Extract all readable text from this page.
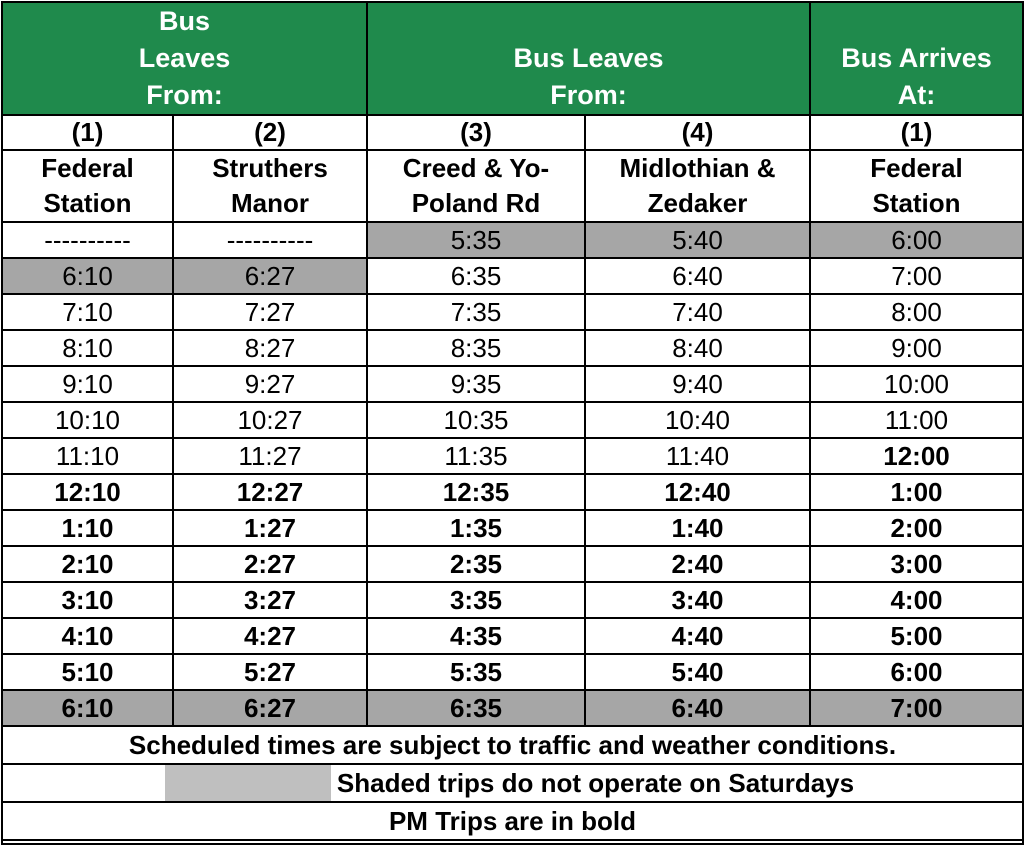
Bus Leaves From:		Bus Leaves From:		Bus Arrives At:
(1)	(2)	(3)	(4)	(1)
Federal Station	Struthers Manor	Creed & Yo-Poland Rd	Midlothian & Zedaker	Federal Station
----------	----------	5:35	5:40	6:00
6:10	6:27	6:35	6:40	7:00
7:10	7:27	7:35	7:40	8:00
8:10	8:27	8:35	8:40	9:00
9:10	9:27	9:35	9:40	10:00
10:10	10:27	10:35	10:40	11:00
11:10	11:27	11:35	11:40	12:00
12:10	12:27	12:35	12:40	1:00
1:10	1:27	1:35	1:40	2:00
2:10	2:27	2:35	2:40	3:00
3:10	3:27	3:35	3:40	4:00
4:10	4:27	4:35	4:40	5:00
5:10	5:27	5:35	5:40	6:00
6:10	6:27	6:35	6:40	7:00
Scheduled times are subject to traffic and weather conditions.				
Shaded trips do not operate on Saturdays				
PM Trips are in bold				
